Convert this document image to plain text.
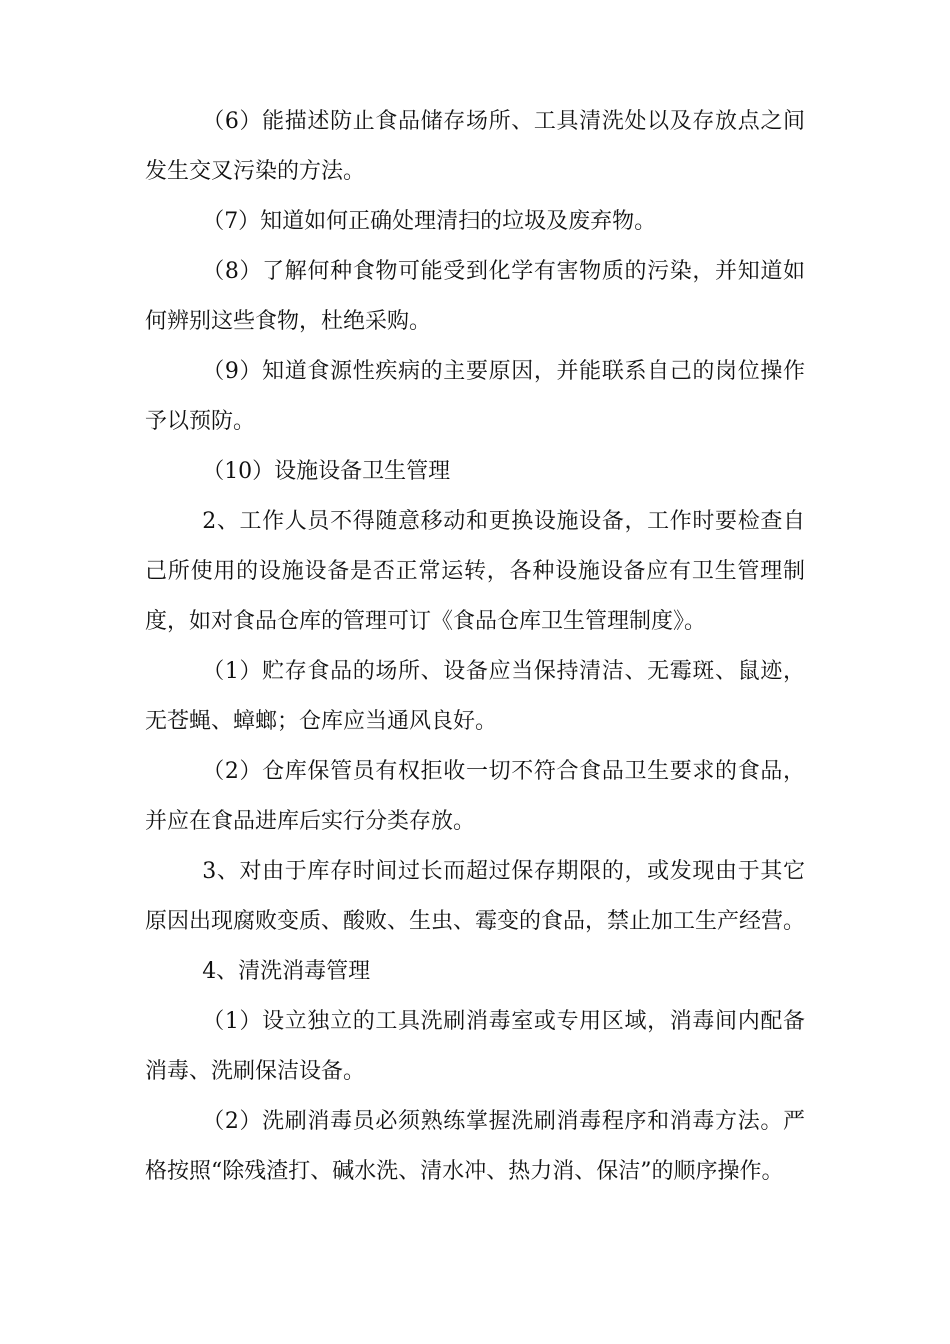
（6）能描述防止食品储存场所、工具清洗处以及存放点之间发生交叉污染的方法。

（7）知道如何正确处理清扫的垃圾及废弃物。

（8）了解何种食物可能受到化学有害物质的污染，并知道如何辨别这些食物，杜绝采购。

（9）知道食源性疾病的主要原因，并能联系自己的岗位操作予以预防。

（10）设施设备卫生管理

2、工作人员不得随意移动和更换设施设备，工作时要检查自己所使用的设施设备是否正常运转，各种设施设备应有卫生管理制度，如对食品仓库的管理可订《食品仓库卫生管理制度》。

（1）贮存食品的场所、设备应当保持清洁、无霉斑、鼠迹，无苍蝇、蟑螂；仓库应当通风良好。

（2）仓库保管员有权拒收一切不符合食品卫生要求的食品，并应在食品进库后实行分类存放。

3、对由于库存时间过长而超过保存期限的，或发现由于其它原因出现腐败变质、酸败、生虫、霉变的食品，禁止加工生产经营。

4、清洗消毒管理

（1）设立独立的工具洗刷消毒室或专用区域，消毒间内配备消毒、洗刷保洁设备。

（2）洗刷消毒员必须熟练掌握洗刷消毒程序和消毒方法。严格按照“除残渣打、碱水洗、清水冲、热力消、保洁”的顺序操作。
